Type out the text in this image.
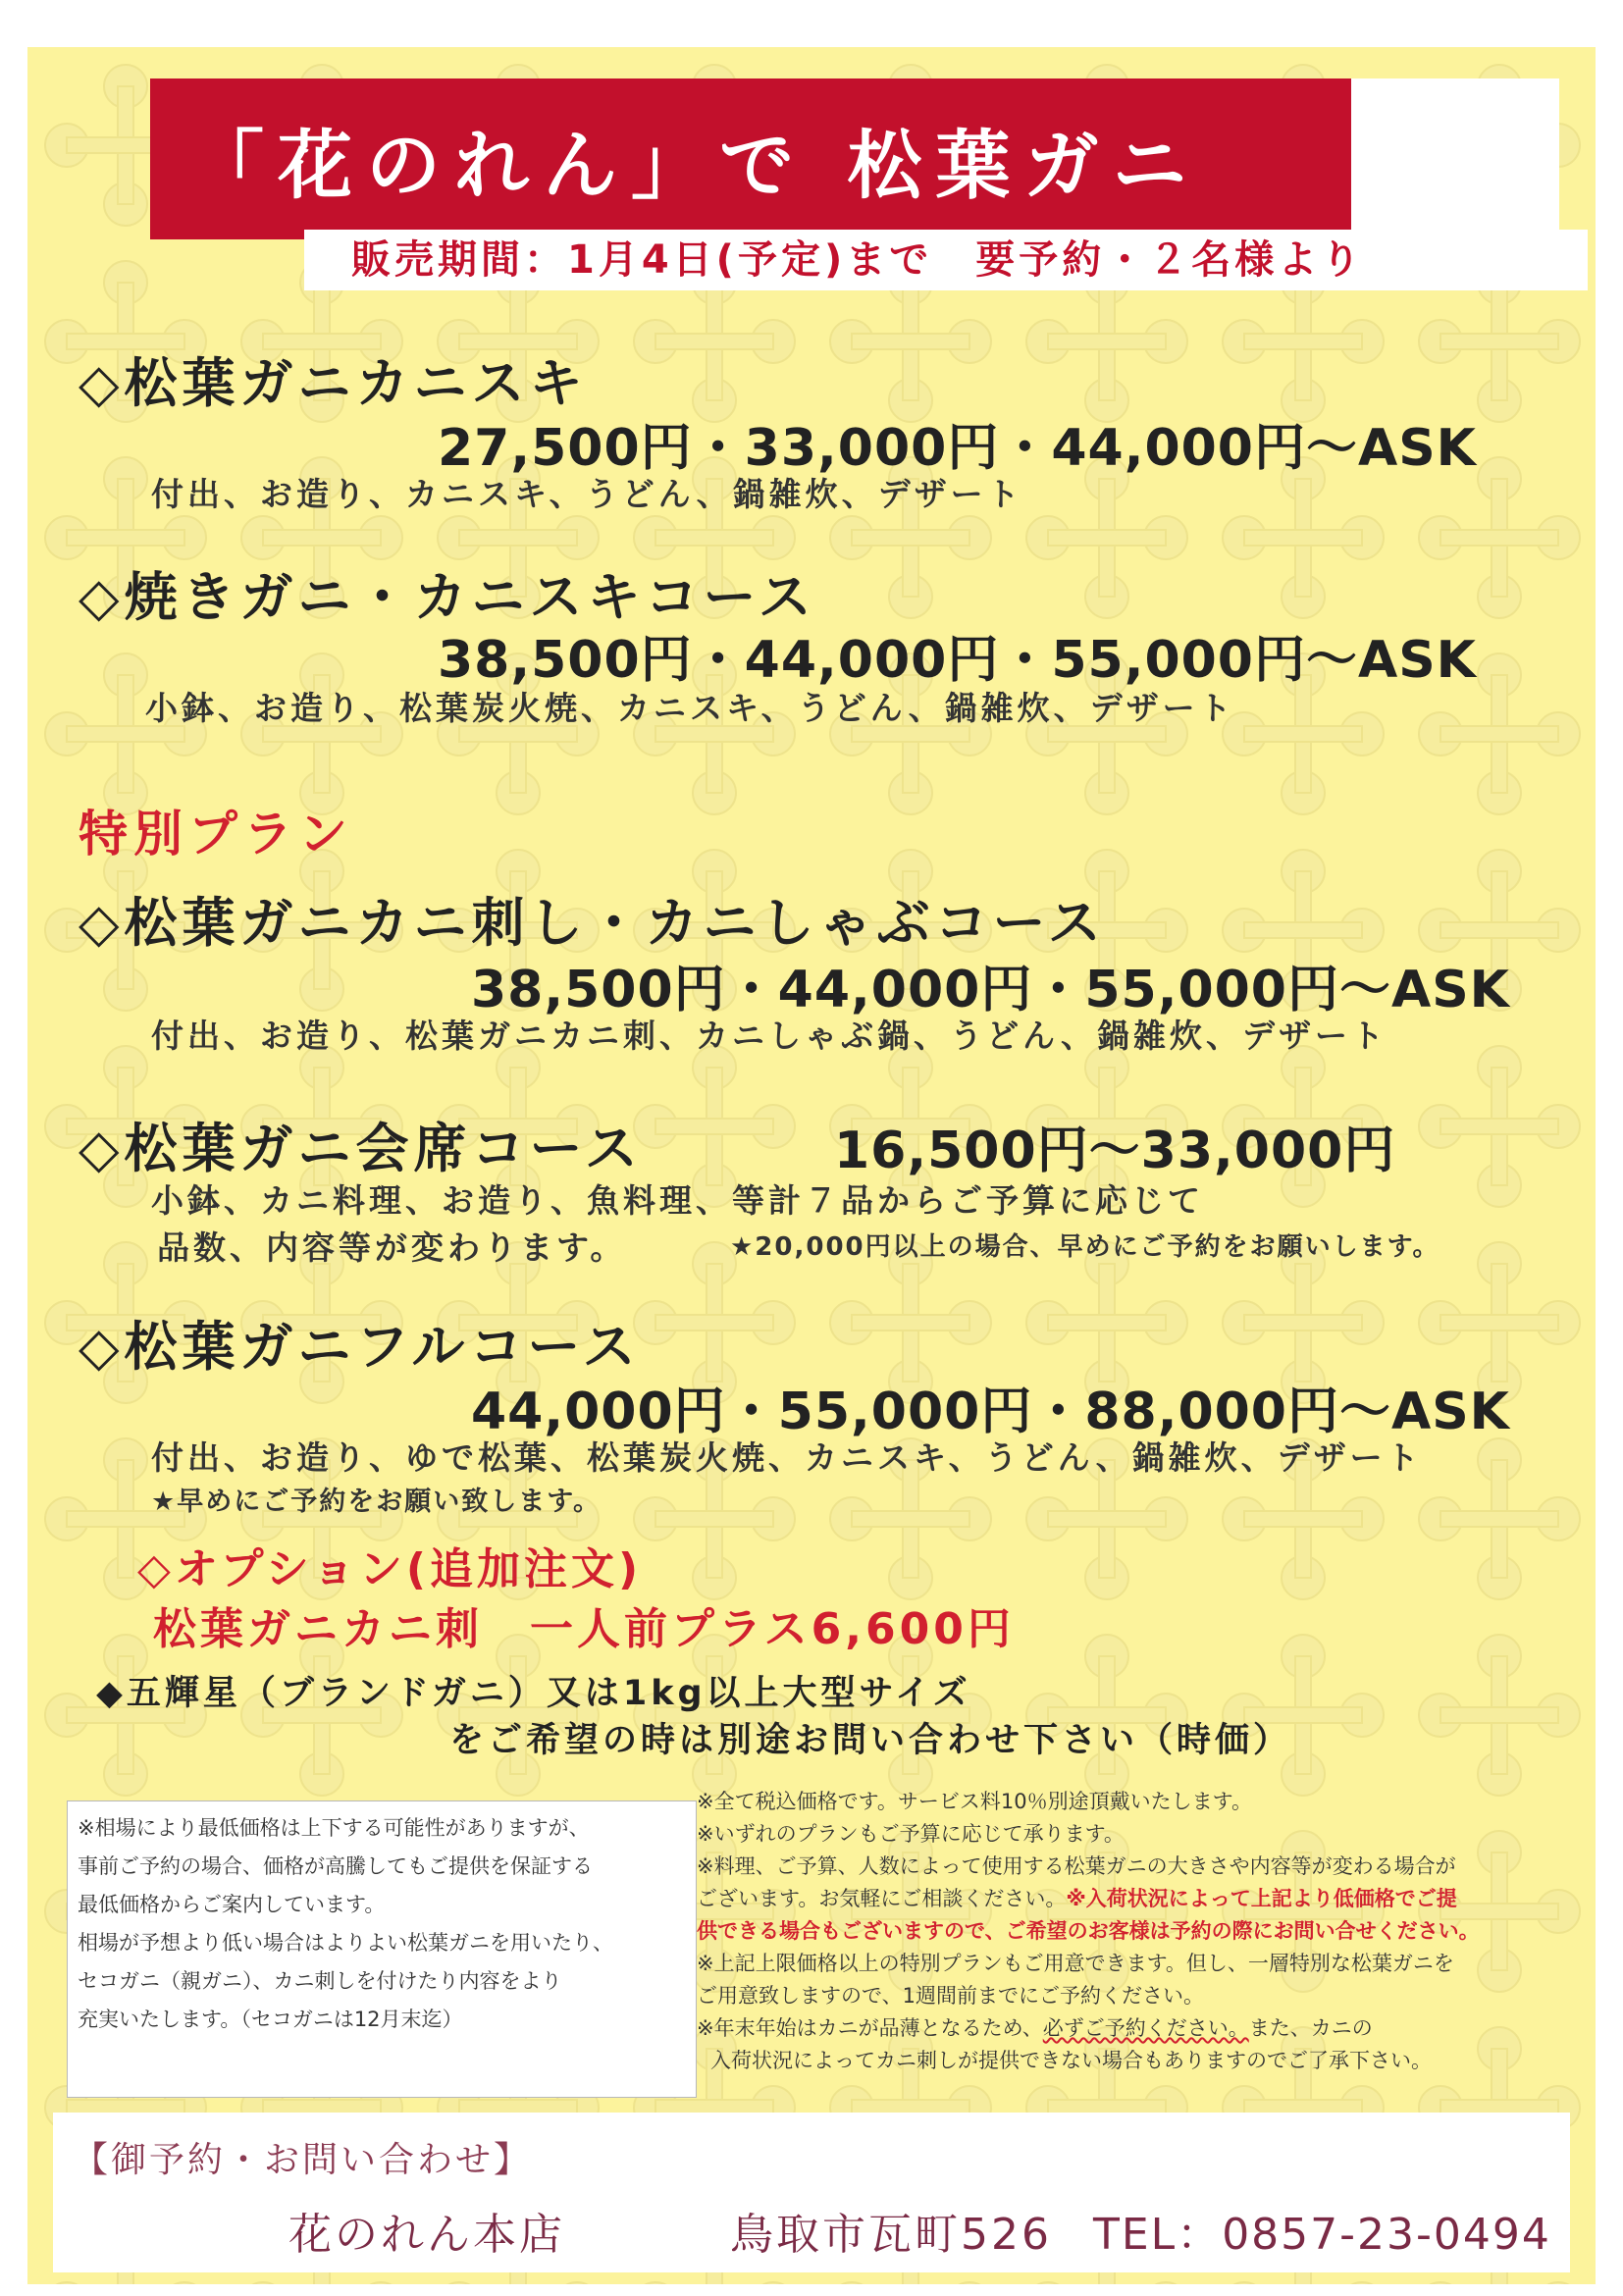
「花のれん」で 松葉ガニ
販売期間：1月4日(予定)まで　要予約・２名様より
◇松葉ガニカニスキ
27,500円・33,000円・44,000円～ASK
付出、お造り、カニスキ、うどん、鍋雑炊、デザート
◇焼きガニ・カニスキコース
38,500円・44,000円・55,000円～ASK
小鉢、お造り、松葉炭火焼、カニスキ、うどん、鍋雑炊、デザート
特別プラン
◇松葉ガニカニ刺し・カニしゃぶコース
38,500円・44,000円・55,000円～ASK
付出、お造り、松葉ガニカニ刺、カニしゃぶ鍋、うどん、鍋雑炊、デザート
◇松葉ガニ会席コース	16,500円～33,000円
小鉢、カニ料理、お造り、魚料理、等計７品からご予算に応じて
品数、内容等が変わります。	★20,000円以上の場合、早めにご予約をお願いします。
◇松葉ガニフルコース
44,000円・55,000円・88,000円～ASK
付出、お造り、ゆで松葉、松葉炭火焼、カニスキ、うどん、鍋雑炊、デザート
★早めにご予約をお願い致します。
◇オプション(追加注文)
松葉ガニカニ刺　一人前プラス6,600円
◆五輝星（ブランドガニ）又は1kg以上大型サイズ
をご希望の時は別途お問い合わせ下さい（時価）
※相場により最低価格は上下する可能性がありますが、
事前ご予約の場合、価格が高騰してもご提供を保証する
最低価格からご案内しています。
相場が予想より低い場合はよりよい松葉ガニを用いたり、
セコガニ（親ガニ）、カニ刺しを付けたり内容をより
充実いたします。（セコガニは12月末迄）
※全て税込価格です。サービス料10％別途頂戴いたします。
※いずれのプランもご予算に応じて承ります。
※料理、ご予算、人数によって使用する松葉ガニの大きさや内容等が変わる場合が
ございます。お気軽にご相談ください。※入荷状況によって上記より低価格でご提
供できる場合もございますので、ご希望のお客様は予約の際にお問い合せください。
※上記上限価格以上の特別プランもご用意できます。但し、一層特別な松葉ガニを
ご用意致しますので、1週間前までにご予約ください。
※年末年始はカニが品薄となるため、必ずご予約ください。また、カニの
入荷状況によってカニ刺しが提供できない場合もありますのでご了承下さい。
【御予約・お問い合わせ】
花のれん本店	鳥取市瓦町526 TEL：0857-23-0494
